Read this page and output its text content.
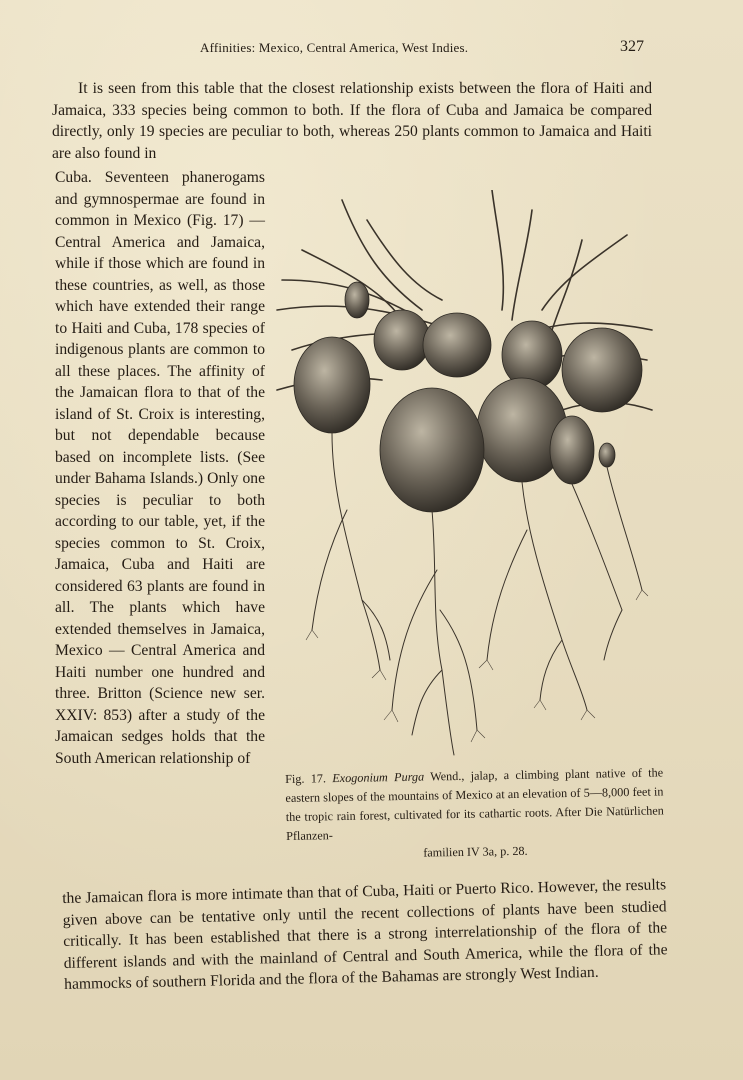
Affinities: Mexico, Central America, West Indies.	327

It is seen from this table that the closest relationship exists between the flora of Haiti and Jamaica, 333 species being common to both. If the flora of Cuba and Jamaica be compared directly, only 19 species are peculiar to both, whereas 250 plants common to Jamaica and Haiti are also found in

Cuba. Seventeen phanerogams and gymnospermae are found in common in Mexico (Fig. 17) — Central America and Jamaica, while if those which are found in these countries, as well, as those which have extended their range to Haiti and Cuba, 178 species of indigenous plants are common to all these places. The affinity of the Jamaican flora to that of the island of St. Croix is interesting, but not dependable because based on incomplete lists. (See under Bahama Islands.) Only one species is peculiar to both according to our table, yet, if the species common to St. Croix, Jamaica, Cuba and Haiti are considered 63 plants are found in all. The plants which have extended themselves in Jamaica, Mexico — Central America and Haiti number one hundred and three. Britton (Science new ser. XXIV: 853) after a study of the Jamaican sedges holds that the South American relationship of

Fig. 17. Exogonium Purga Wend., jalap, a climbing plant native of the eastern slopes of the mountains of Mexico at an elevation of 5—8,000 feet in the tropic rain forest, cultivated for its cathartic roots. After Die Natürlichen Pflanzen-
familien IV 3a, p. 28.

the Jamaican flora is more intimate than that of Cuba, Haiti or Puerto Rico. However, the results given above can be tentative only until the recent collections of plants have been studied critically. It has been established that there is a strong interrelationship of the flora of the different islands and with the mainland of Central and South America, while the flora of the hammocks of southern Florida and the flora of the Bahamas are strongly West Indian.
